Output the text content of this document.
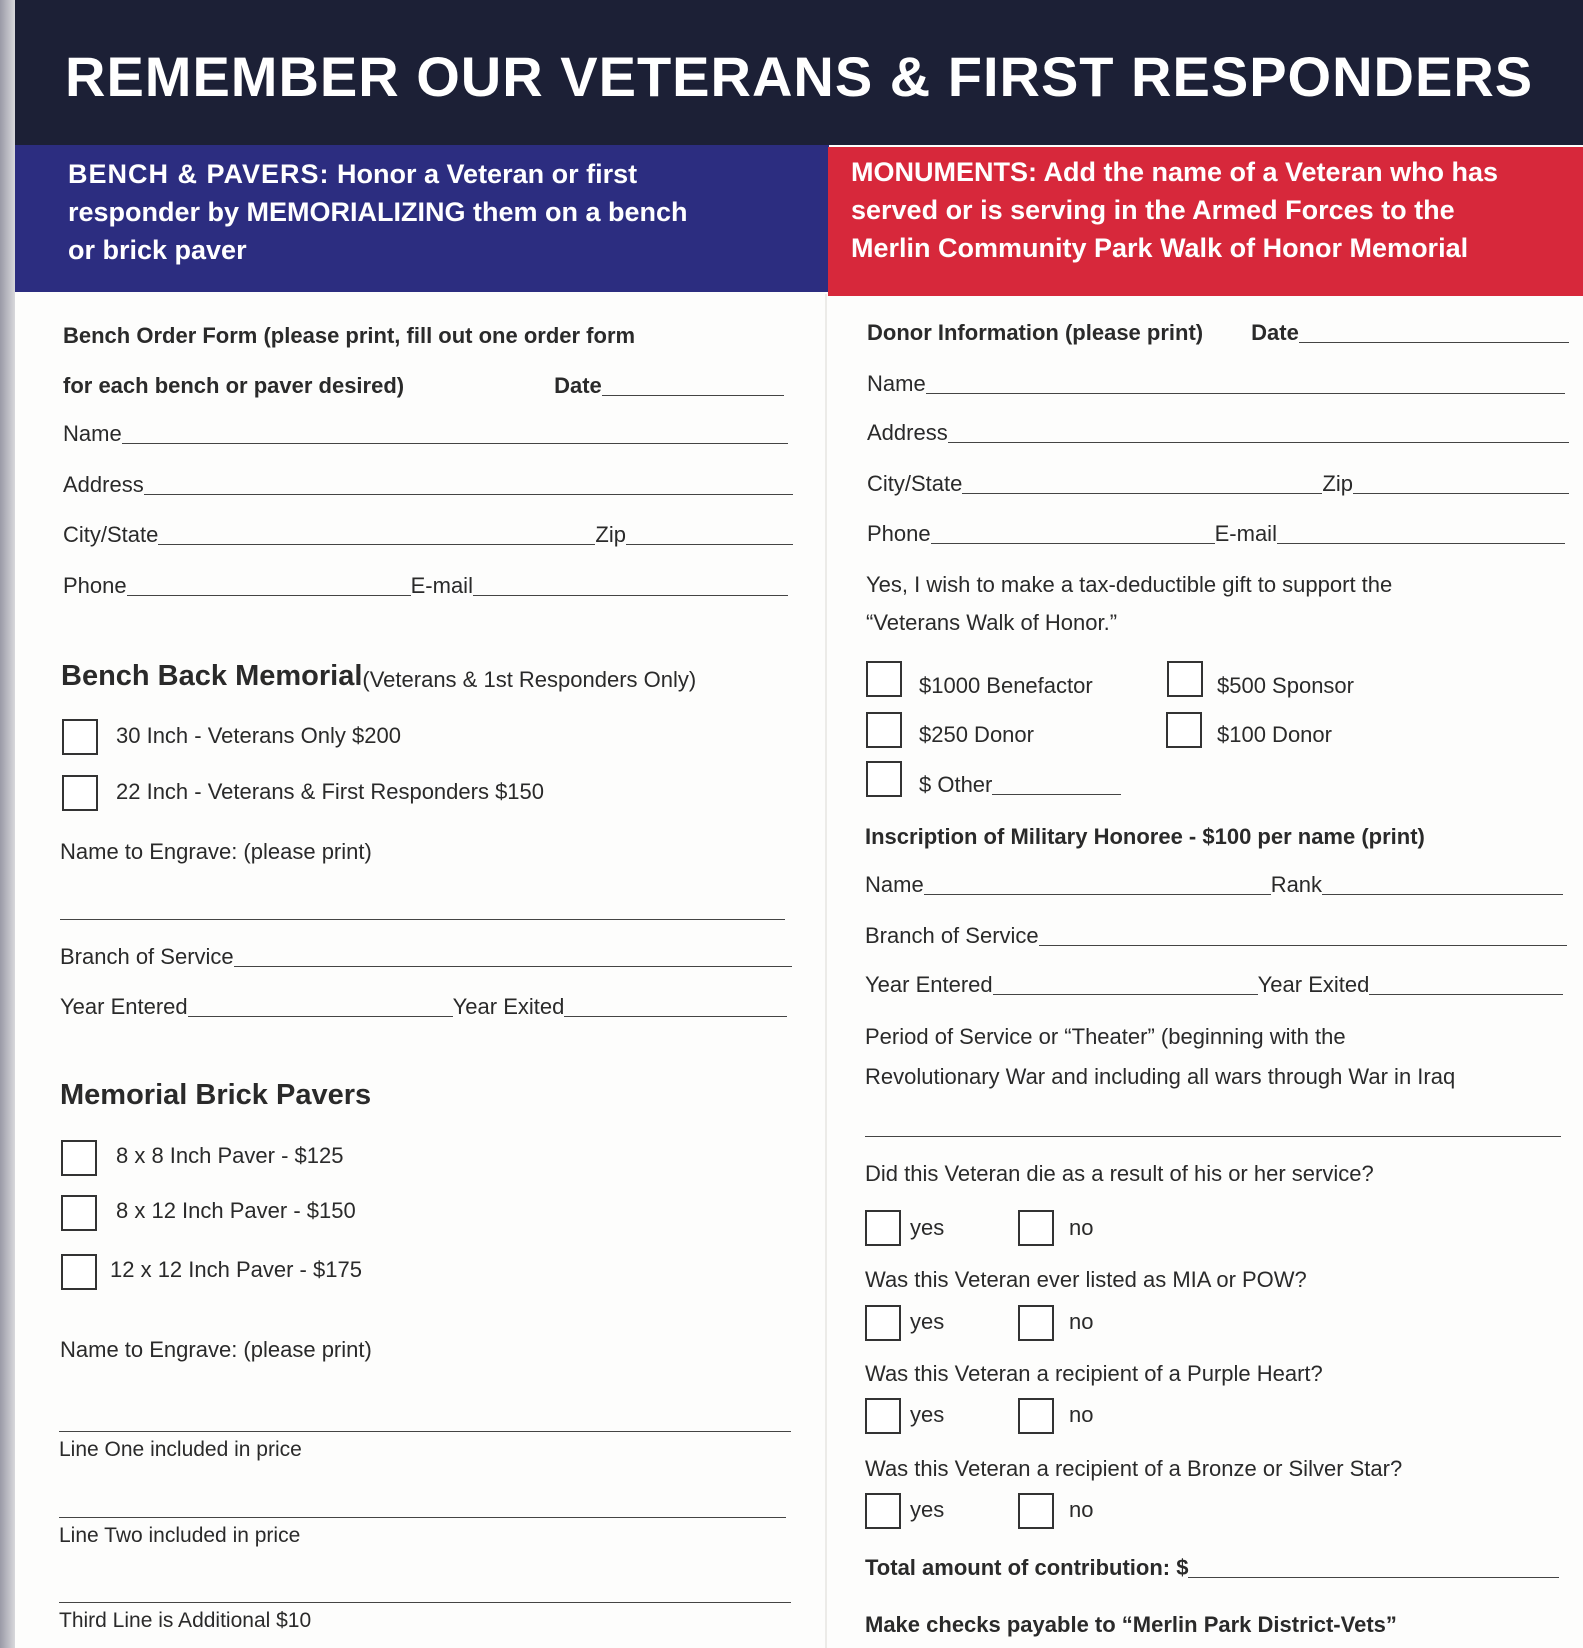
REMEMBER OUR VETERANS & FIRST RESPONDERS
BENCH & PAVERS: Honor a Veteran or first
responder by MEMORIALIZING them on a bench
or brick paver
MONUMENTS: Add the name of a Veteran who has
served or is serving in the Armed Forces to the
Merlin Community Park Walk of Honor Memorial
Bench Order Form (please print, fill out one order form
for each bench or paver desired)	Date
Name
Address
City/State	Zip
Phone	E-mail
Bench Back Memorial (Veterans & 1st Responders Only)
30 Inch - Veterans Only $200
22 Inch - Veterans & First Responders $150
Name to Engrave: (please print)
Branch of Service
Year Entered	Year Exited
Memorial Brick Pavers
8 x 8 Inch Paver - $125
8 x 12 Inch Paver - $150
12 x 12 Inch Paver - $175
Name to Engrave: (please print)
Line One included in price
Line Two included in price
Third Line is Additional $10
Donor Information (please print) Date
Name
Address
City/State	Zip
Phone	E-mail
Yes, I wish to make a tax-deductible gift to support the
“Veterans Walk of Honor.”
$1000 Benefactor	$500 Sponsor
$250 Donor	$100 Donor
$ Other
Inscription of Military Honoree - $100 per name (print)
Name	Rank
Branch of Service
Year Entered	Year Exited
Period of Service or “Theater” (beginning with the
Revolutionary War and including all wars through War in Iraq
Did this Veteran die as a result of his or her service?
yes	no
Was this Veteran ever listed as MIA or POW?
yes	no
Was this Veteran a recipient of a Purple Heart?
yes	no
Was this Veteran a recipient of a Bronze or Silver Star?
yes	no
Total amount of contribution: $
Make checks payable to “Merlin Park District-Vets”
